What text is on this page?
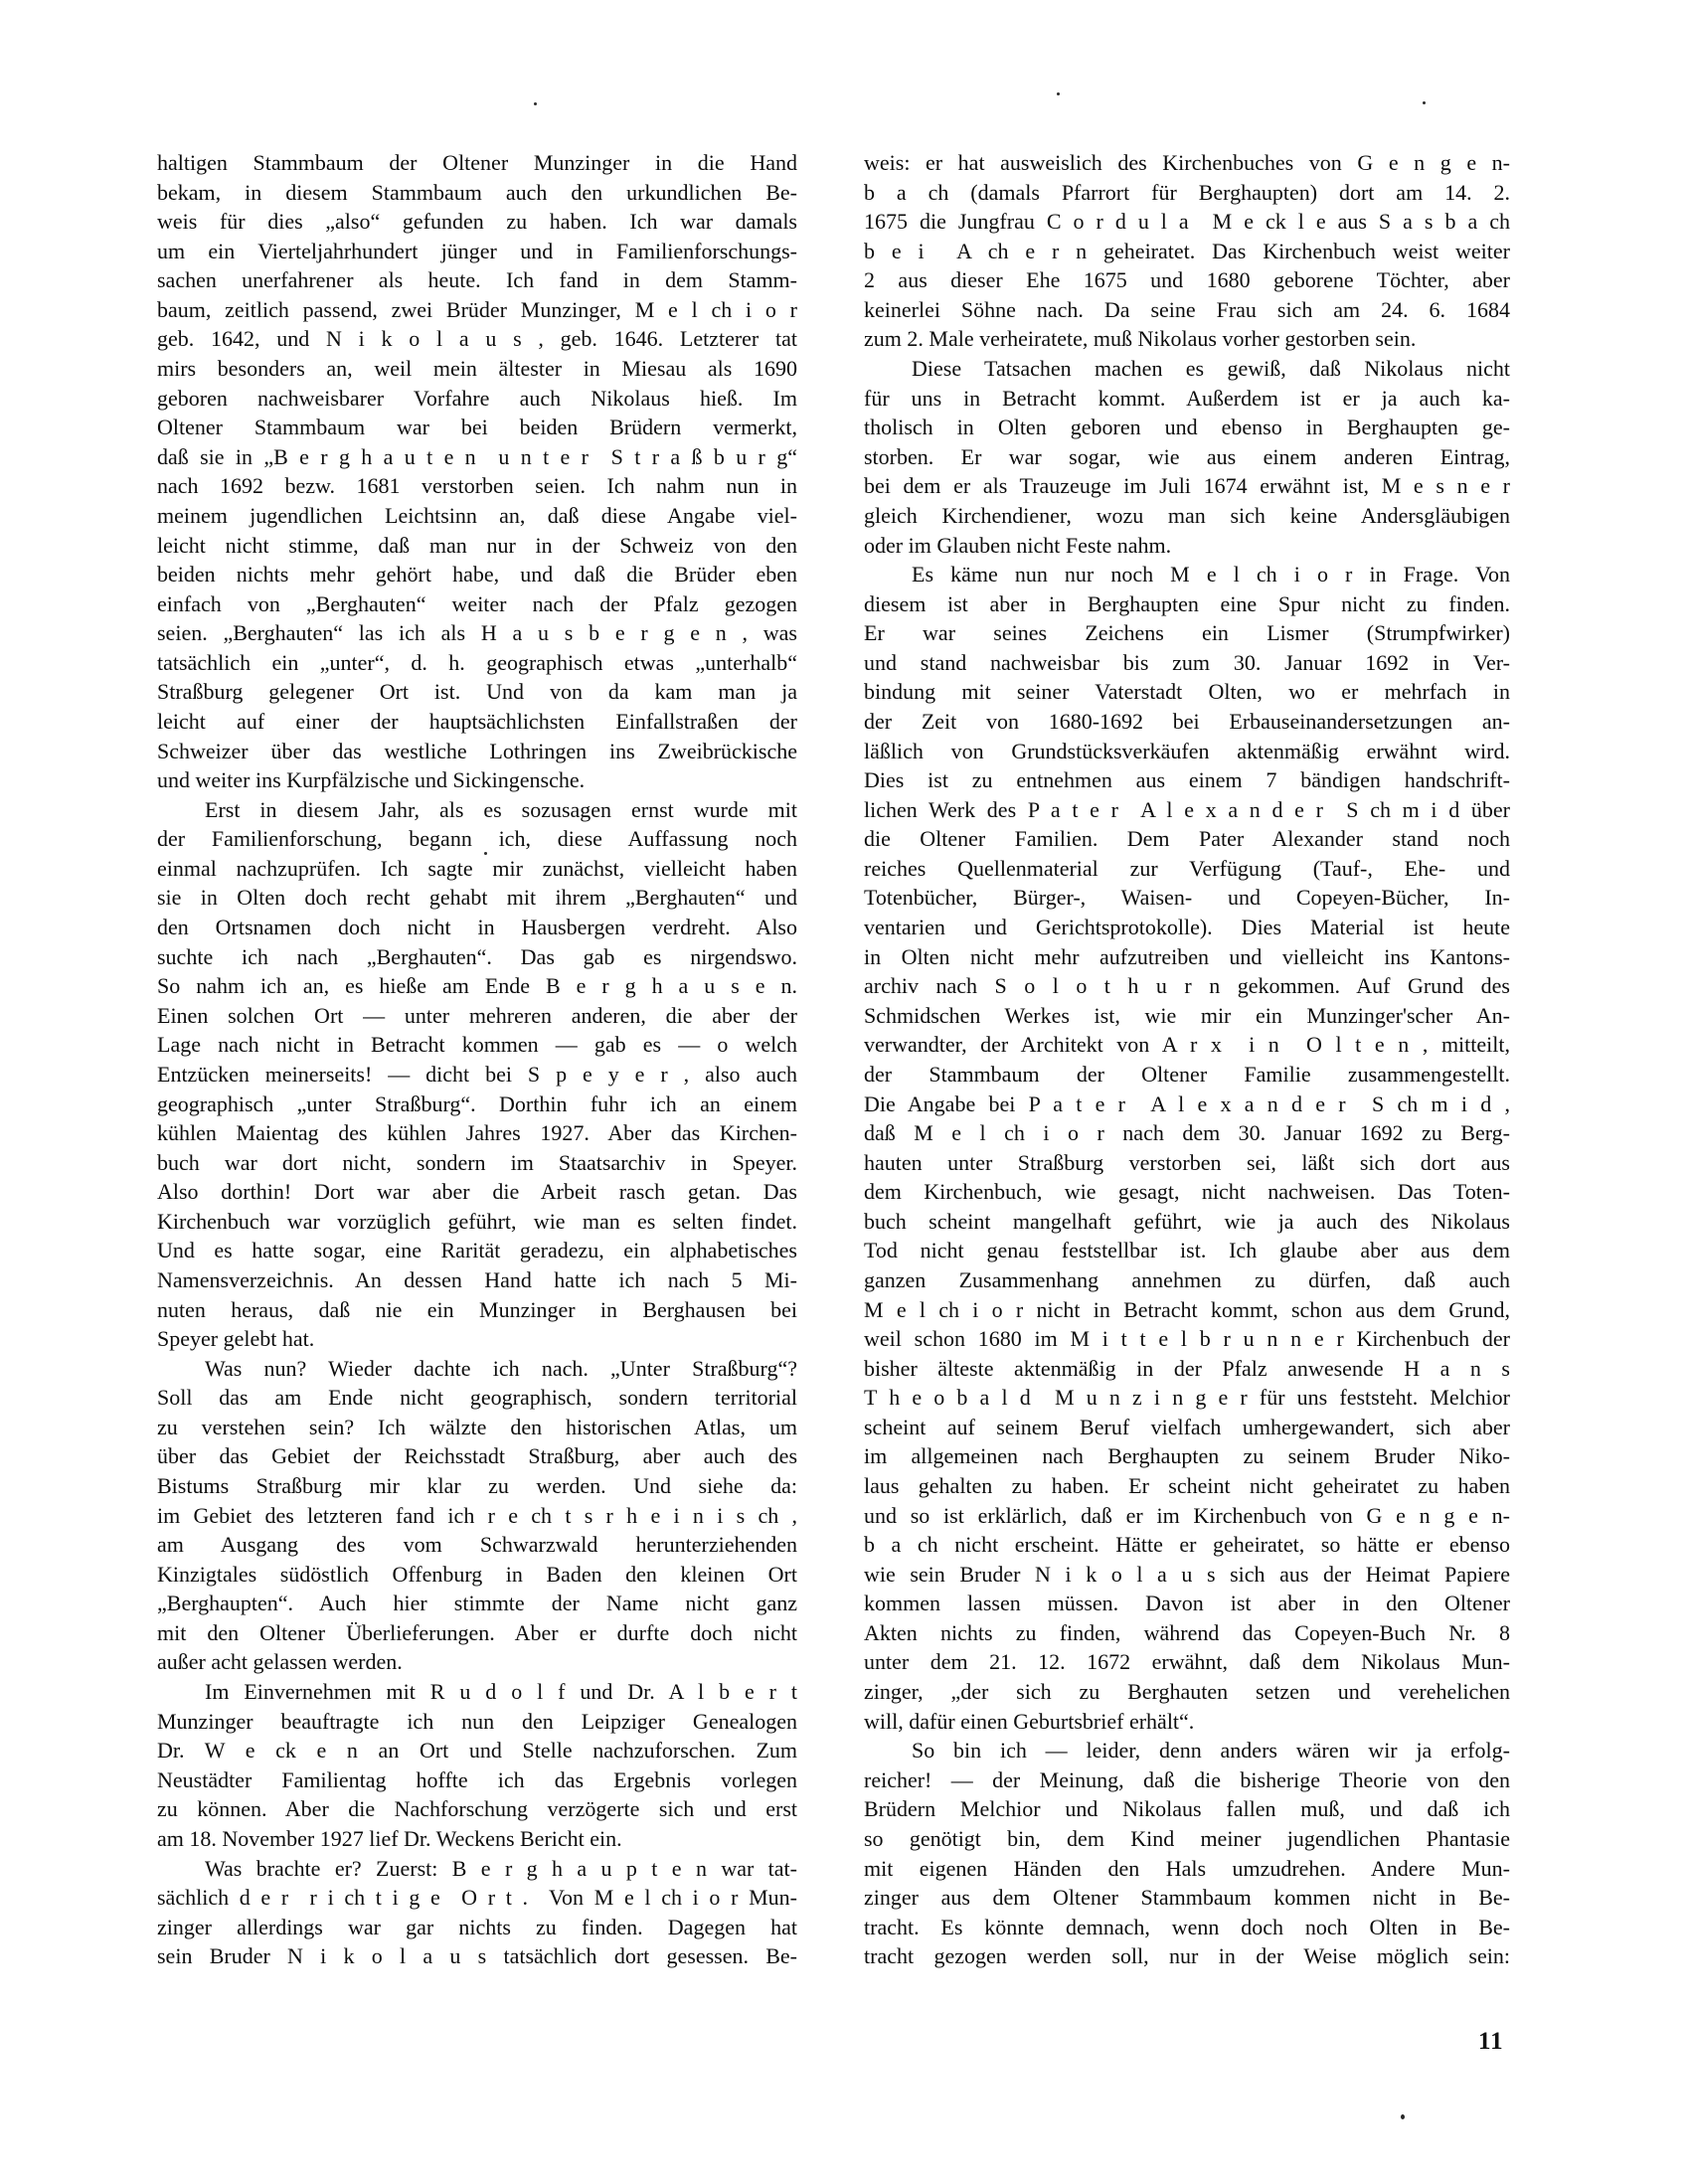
haltigen Stammbaum der Oltener Munzinger in die Hand
bekam, in diesem Stammbaum auch den urkundlichen Be-
weis für dies „also“ gefunden zu haben. Ich war damals
um ein Vierteljahrhundert jünger und in Familienforschungs-
sachen unerfahrener als heute. Ich fand in dem Stamm-
baum, zeitlich passend, zwei Brüder Munzinger, M e l ch i o r
geb. 1642, und N i k o l a u s , geb. 1646. Letzterer tat
mirs besonders an, weil mein ältester in Miesau als 1690
geboren nachweisbarer Vorfahre auch Nikolaus hieß. Im
Oltener Stammbaum war bei beiden Brüdern vermerkt,
daß sie in „B e r g h a u t e n  u n t e r  S t r a ß b u r g“
nach 1692 bezw. 1681 verstorben seien. Ich nahm nun in
meinem jugendlichen Leichtsinn an, daß diese Angabe viel-
leicht nicht stimme, daß man nur in der Schweiz von den
beiden nichts mehr gehört habe, und daß die Brüder eben
einfach von „Berghauten“ weiter nach der Pfalz gezogen
seien. „Berghauten“ las ich als H a u s b e r g e n , was
tatsächlich ein „unter“, d. h. geographisch etwas „unterhalb“
Straßburg gelegener Ort ist. Und von da kam man ja
leicht auf einer der hauptsächlichsten Einfallstraßen der
Schweizer über das westliche Lothringen ins Zweibrückische
und weiter ins Kurpfälzische und Sickingensche.
Erst in diesem Jahr, als es sozusagen ernst wurde mit
der Familienforschung, begann ich, diese Auffassung noch
einmal nachzuprüfen. Ich sagte mir zunächst, vielleicht haben
sie in Olten doch recht gehabt mit ihrem „Berghauten“ und
den Ortsnamen doch nicht in Hausbergen verdreht. Also
suchte ich nach „Berghauten“. Das gab es nirgendswo.
So nahm ich an, es hieße am Ende B e r g h a u s e n.
Einen solchen Ort — unter mehreren anderen, die aber der
Lage nach nicht in Betracht kommen — gab es — o welch
Entzücken meinerseits! — dicht bei S p e y e r , also auch
geographisch „unter Straßburg“. Dorthin fuhr ich an einem
kühlen Maientag des kühlen Jahres 1927. Aber das Kirchen-
buch war dort nicht, sondern im Staatsarchiv in Speyer.
Also dorthin! Dort war aber die Arbeit rasch getan. Das
Kirchenbuch war vorzüglich geführt, wie man es selten findet.
Und es hatte sogar, eine Rarität geradezu, ein alphabetisches
Namensverzeichnis. An dessen Hand hatte ich nach 5 Mi-
nuten heraus, daß nie ein Munzinger in Berghausen bei
Speyer gelebt hat.
Was nun? Wieder dachte ich nach. „Unter Straßburg“?
Soll das am Ende nicht geographisch, sondern territorial
zu verstehen sein? Ich wälzte den historischen Atlas, um
über das Gebiet der Reichsstadt Straßburg, aber auch des
Bistums Straßburg mir klar zu werden. Und siehe da:
im Gebiet des letzteren fand ich r e ch t s r h e i n i s ch ,
am Ausgang des vom Schwarzwald herunterziehenden
Kinzigtales südöstlich Offenburg in Baden den kleinen Ort
„Berghaupten“. Auch hier stimmte der Name nicht ganz
mit den Oltener Überlieferungen. Aber er durfte doch nicht
außer acht gelassen werden.
Im Einvernehmen mit R u d o l f und Dr. A l b e r t
Munzinger beauftragte ich nun den Leipziger Genealogen
Dr. W e ck e n an Ort und Stelle nachzuforschen. Zum
Neustädter Familientag hoffte ich das Ergebnis vorlegen
zu können. Aber die Nachforschung verzögerte sich und erst
am 18. November 1927 lief Dr. Weckens Bericht ein.
Was brachte er? Zuerst: B e r g h a u p t e n war tat-
sächlich d e r  r i ch t i g e  O r t .  Von M e l ch i o r Mun-
zinger allerdings war gar nichts zu finden. Dagegen hat
sein Bruder N i k o l a u s tatsächlich dort gesessen. Be-
weis: er hat ausweislich des Kirchenbuches von G e n g e n-
b a ch (damals Pfarrort für Berghaupten) dort am 14. 2.
1675 die Jungfrau C o r d u l a  M e ck l e aus S a s b a ch
b e i  A ch e r n geheiratet. Das Kirchenbuch weist weiter
2 aus dieser Ehe 1675 und 1680 geborene Töchter, aber
keinerlei Söhne nach. Da seine Frau sich am 24. 6. 1684
zum 2. Male verheiratete, muß Nikolaus vorher gestorben sein.
Diese Tatsachen machen es gewiß, daß Nikolaus nicht
für uns in Betracht kommt. Außerdem ist er ja auch ka-
tholisch in Olten geboren und ebenso in Berghaupten ge-
storben. Er war sogar, wie aus einem anderen Eintrag,
bei dem er als Trauzeuge im Juli 1674 erwähnt ist, M e s n e r
gleich Kirchendiener, wozu man sich keine Andersgläubigen
oder im Glauben nicht Feste nahm.
Es käme nun nur noch M e l ch i o r in Frage. Von
diesem ist aber in Berghaupten eine Spur nicht zu finden.
Er war seines Zeichens ein Lismer (Strumpfwirker)
und stand nachweisbar bis zum 30. Januar 1692 in Ver-
bindung mit seiner Vaterstadt Olten, wo er mehrfach in
der Zeit von 1680-1692 bei Erbauseinandersetzungen an-
läßlich von Grundstücksverkäufen aktenmäßig erwähnt wird.
Dies ist zu entnehmen aus einem 7 bändigen handschrift-
lichen Werk des P a t e r  A l e x a n d e r  S ch m i d über
die Oltener Familien. Dem Pater Alexander stand noch
reiches Quellenmaterial zur Verfügung (Tauf-, Ehe- und
Totenbücher, Bürger-, Waisen- und Copeyen-Bücher, In-
ventarien und Gerichtsprotokolle). Dies Material ist heute
in Olten nicht mehr aufzutreiben und vielleicht ins Kantons-
archiv nach S o l o t h u r n gekommen. Auf Grund des
Schmidschen Werkes ist, wie mir ein Munzinger'scher An-
verwandter, der Architekt von A r x  i n  O l t e n , mitteilt,
der Stammbaum der Oltener Familie zusammengestellt.
Die Angabe bei P a t e r  A l e x a n d e r  S ch m i d ,
daß M e l ch i o r nach dem 30. Januar 1692 zu Berg-
hauten unter Straßburg verstorben sei, läßt sich dort aus
dem Kirchenbuch, wie gesagt, nicht nachweisen. Das Toten-
buch scheint mangelhaft geführt, wie ja auch des Nikolaus
Tod nicht genau feststellbar ist. Ich glaube aber aus dem
ganzen Zusammenhang annehmen zu dürfen, daß auch
M e l ch i o r nicht in Betracht kommt, schon aus dem Grund,
weil schon 1680 im M i t t e l b r u n n e r Kirchenbuch der
bisher älteste aktenmäßig in der Pfalz anwesende H a n s
T h e o b a l d  M u n z i n g e r für uns feststeht. Melchior
scheint auf seinem Beruf vielfach umhergewandert, sich aber
im allgemeinen nach Berghaupten zu seinem Bruder Niko-
laus gehalten zu haben. Er scheint nicht geheiratet zu haben
und so ist erklärlich, daß er im Kirchenbuch von G e n g e n-
b a ch nicht erscheint. Hätte er geheiratet, so hätte er ebenso
wie sein Bruder N i k o l a u s sich aus der Heimat Papiere
kommen lassen müssen. Davon ist aber in den Oltener
Akten nichts zu finden, während das Copeyen-Buch Nr. 8
unter dem 21. 12. 1672 erwähnt, daß dem Nikolaus Mun-
zinger, „der sich zu Berghauten setzen und verehelichen
will, dafür einen Geburtsbrief erhält“.
So bin ich — leider, denn anders wären wir ja erfolg-
reicher! — der Meinung, daß die bisherige Theorie von den
Brüdern Melchior und Nikolaus fallen muß, und daß ich
so genötigt bin, dem Kind meiner jugendlichen Phantasie
mit eigenen Händen den Hals umzudrehen. Andere Mun-
zinger aus dem Oltener Stammbaum kommen nicht in Be-
tracht. Es könnte demnach, wenn doch noch Olten in Be-
tracht gezogen werden soll, nur in der Weise möglich sein:
11
